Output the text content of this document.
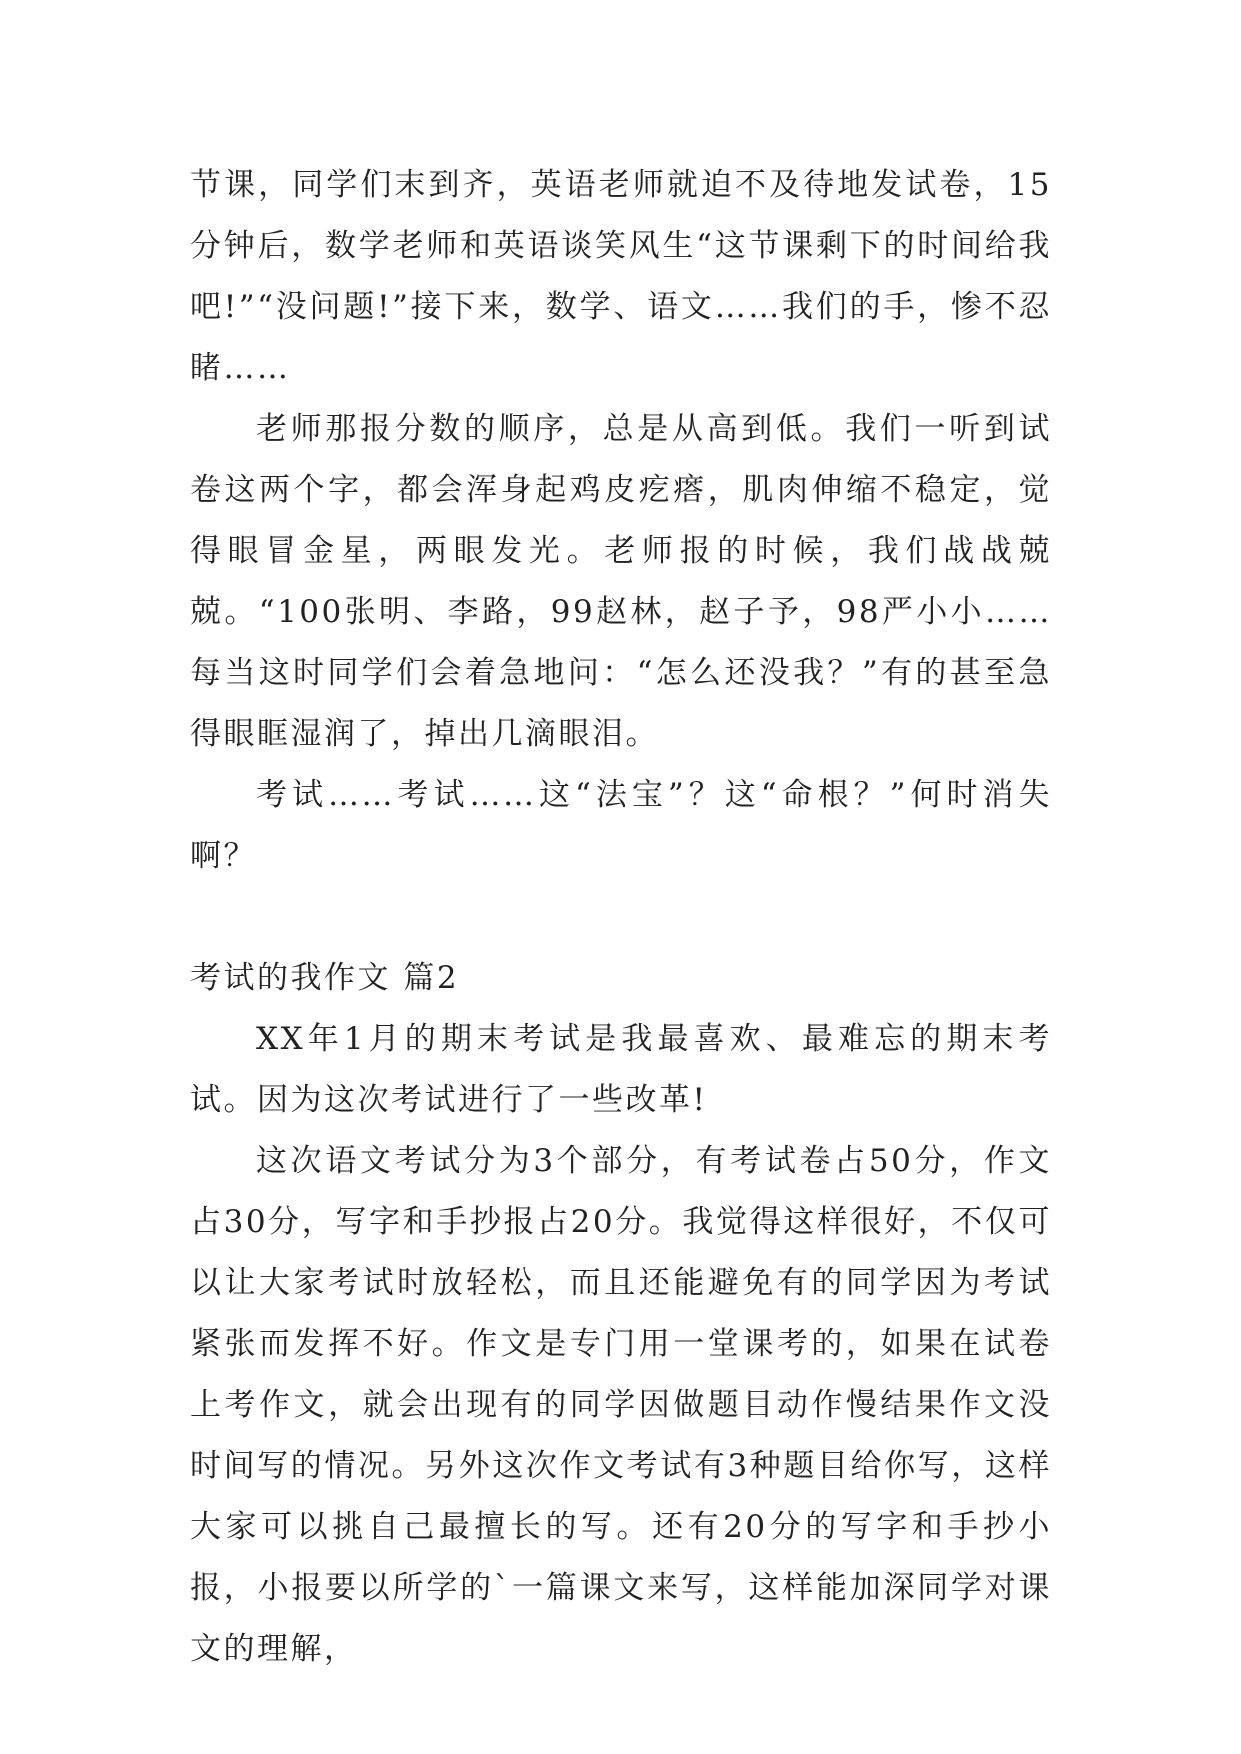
节课，同学们末到齐，英语老师就迫不及待地发试卷，15分钟后，数学老师和英语谈笑风生“这节课剩下的时间给我吧!”“没问题!”接下来，数学、语文……我们的手，惨不忍睹……

老师那报分数的顺序，总是从高到低。我们一听到试卷这两个字，都会浑身起鸡皮疙瘩，肌肉伸缩不稳定，觉得眼冒金星，两眼发光。老师报的时候，我们战战兢兢。“100张明、李路，99赵林，赵子予，98严小小……每当这时同学们会着急地问：“怎么还没我？”有的甚至急得眼眶湿润了，掉出几滴眼泪。

考试……考试……这“法宝”？这“命根？”何时消失啊？

考试的我作文 篇2

XX年1月的期末考试是我最喜欢、最难忘的期末考试。因为这次考试进行了一些改革!

这次语文考试分为3个部分，有考试卷占50分，作文占30分，写字和手抄报占20分。我觉得这样很好，不仅可以让大家考试时放轻松，而且还能避免有的同学因为考试紧张而发挥不好。作文是专门用一堂课考的，如果在试卷上考作文，就会出现有的同学因做题目动作慢结果作文没时间写的情况。另外这次作文考试有3种题目给你写，这样大家可以挑自己最擅长的写。还有20分的写字和手抄小报，小报要以所学的`一篇课文来写，这样能加深同学对课文的理解，
